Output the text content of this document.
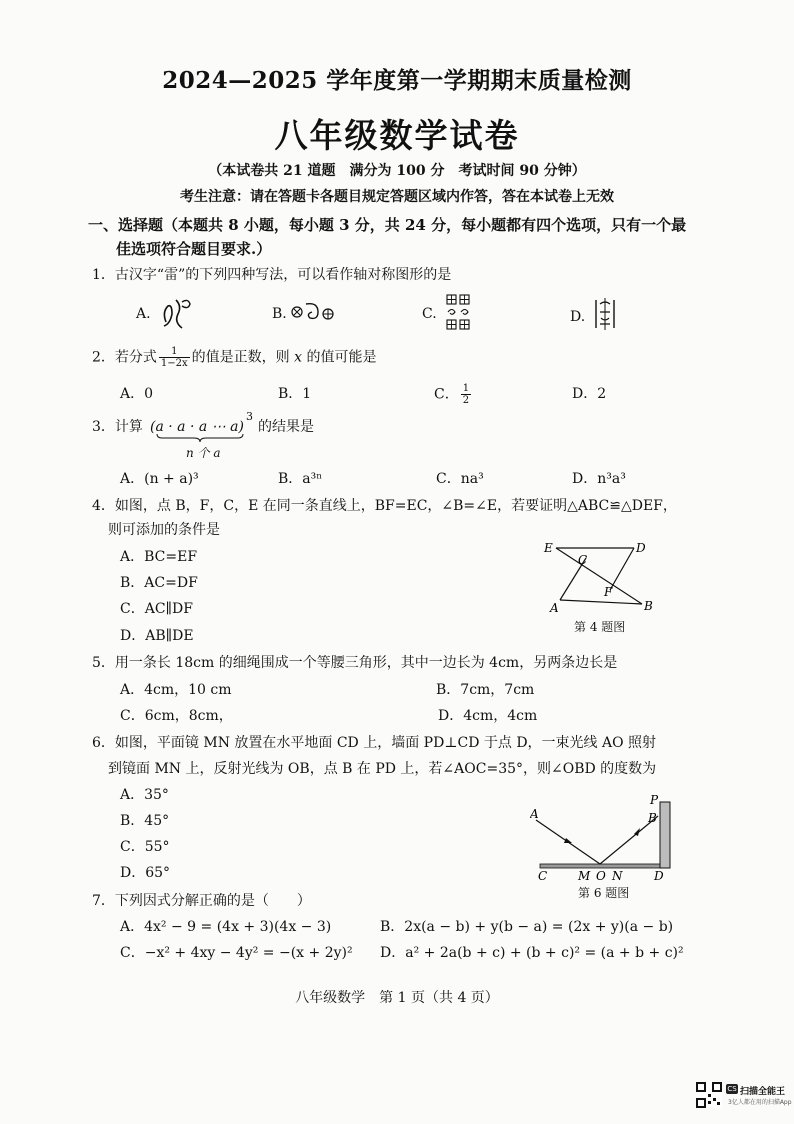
2024—2025 学年度第一学期期末质量检测
八年级数学试卷
（本试卷共 21 道题　满分为 100 分　考试时间 90 分钟）
考生注意：请在答题卡各题目规定答题区域内作答，答在本试卷上无效
一、选择题（本题共 8 小题，每小题 3 分，共 24 分，每小题都有四个选项，只有一个最
佳选项符合题目要求.）
1．古汉字“雷”的下列四种写法，可以看作轴对称图形的是
A.	B.	C.	D.
2．若分式 $\frac{1}{1-2x}$ 的值是正数，则 x 的值可能是
A．0	B．1	C． $\frac{1}{2}$	D．2
3．计算 (a · a · a ⋯ a)
3
的结果是
n 个 a
A．(n + a)³	B．a³ⁿ	C．na³	D．n³a³
4．如图，点 B，F，C，E 在同一条直线上，BF=EC，∠B=∠E，若要证明△ABC≌△DEF，
则可添加的条件是
A．BC=EF
B．AC=DF
C．AC∥DF
D．AB∥DE
E
C
D
F
A	B
第 4 题图
5．用一条长 18cm 的细绳围成一个等腰三角形，其中一边长为 4cm，另两条边长是
A．4cm，10 cm	B．7cm，7cm
C．6cm，8cm，	D．4cm，4cm
6．如图，平面镜 MN 放置在水平地面 CD 上，墙面 PD⊥CD 于点 D，一束光线 AO 照射
到镜面 MN 上，反射光线为 OB，点 B 在 PD 上，若∠AOC=35°，则∠OBD 的度数为
A．35°
B．45°
C．55°
D．65°
P
B
A
C	M O N	D
第 6 题图
7．下列因式分解正确的是（　　）
A．4x² − 9 = (4x + 3)(4x − 3)	B．2x(a − b) + y(b − a) = (2x + y)(a − b)
C．−x² + 4xy − 4y² = −(x + 2y)² D．a² + 2a(b + c) + (b + c)² = (a + b + c)²
八年级数学　第 1 页（共 4 页）
CS 扫描全能王
3亿人都在用的扫描App
